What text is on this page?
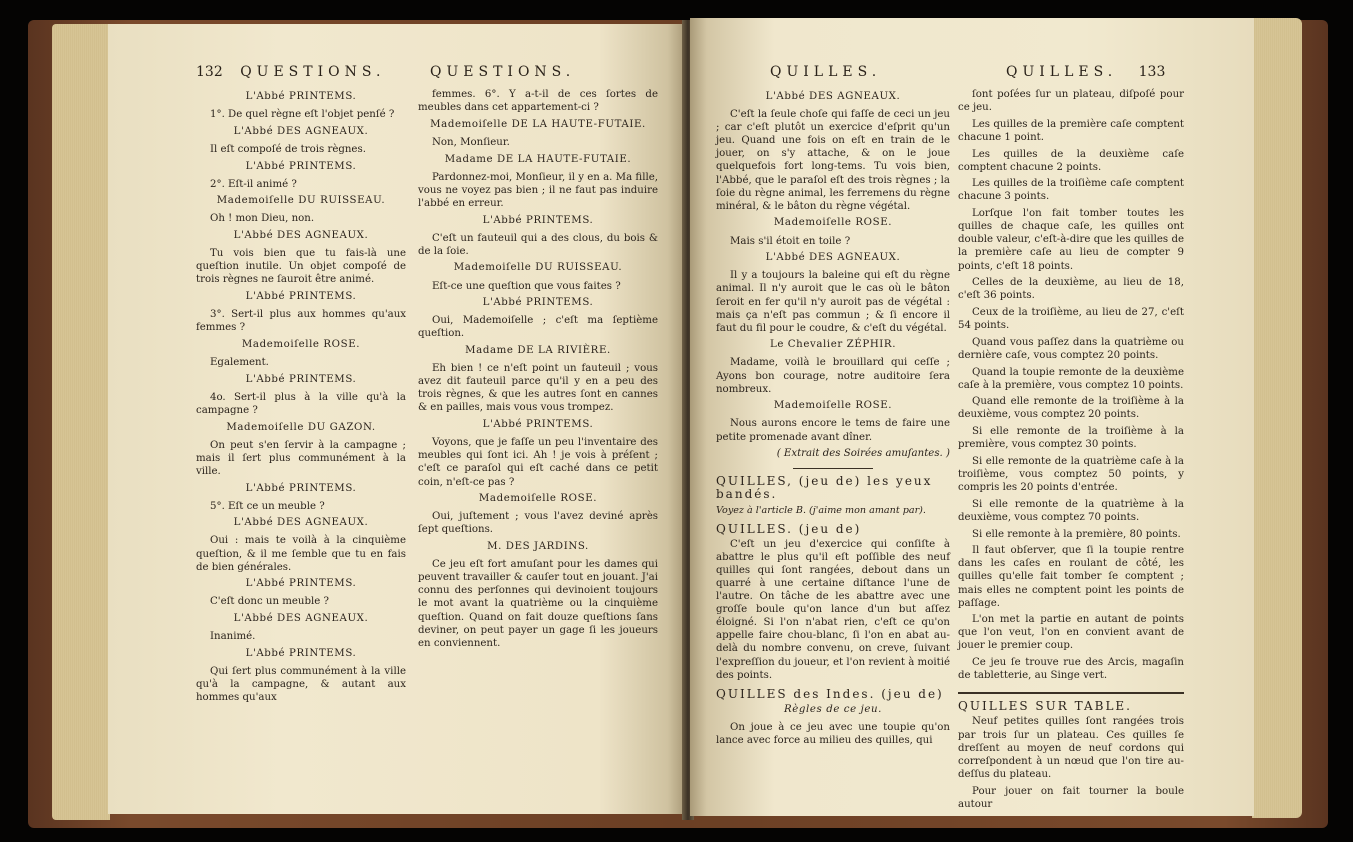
132 QUESTIONS.

L'Abbé PRINTEMS.

1°. De quel règne eſt l'objet penſé ?

L'Abbé DES AGNEAUX.

Il eſt compoſé de trois règnes.

L'Abbé PRINTEMS.

2°. Eſt-il animé ?

Mademoiſelle DU RUISSEAU.

Oh ! mon Dieu, non.

L'Abbé DES AGNEAUX.

Tu vois bien que tu fais-là une queſtion inutile. Un objet compoſé de trois règnes ne ſauroit être animé.

L'Abbé PRINTEMS.

3°. Sert-il plus aux hommes qu'aux femmes ?

Mademoiſelle ROSE.

Egalement.

L'Abbé PRINTEMS.

4o. Sert-il plus à la ville qu'à la campagne ?

Mademoiſelle DU GAZON.

On peut s'en ſervir à la campagne ; mais il ſert plus communément à la ville.

L'Abbé PRINTEMS.

5°. Eſt ce un meuble ?

L'Abbé DES AGNEAUX.

Oui : mais te voilà à la cinquième queſtion, & il me ſemble que tu en fais de bien générales.

L'Abbé PRINTEMS.

C'eſt donc un meuble ?

L'Abbé DES AGNEAUX.

Inanimé.

L'Abbé PRINTEMS.

Qui ſert plus communément à la ville qu'à la campagne, & autant aux hommes qu'aux

QUESTIONS.

femmes. 6°. Y a-t-il de ces ſortes de meubles dans cet appartement-ci ?

Mademoiſelle DE LA HAUTE-FUTAIE.

Non, Monſieur.

Madame DE LA HAUTE-FUTAIE.

Pardonnez-moi, Monſieur, il y en a. Ma fille, vous ne voyez pas bien ; il ne faut pas induire l'abbé en erreur.

L'Abbé PRINTEMS.

C'eſt un fauteuil qui a des clous, du bois & de la ſoie.

Mademoiſelle DU RUISSEAU.

Eſt-ce une queſtion que vous faites ?

L'Abbé PRINTEMS.

Oui, Mademoiſelle ; c'eſt ma ſeptième queſtion.

Madame DE LA RIVIÈRE.

Eh bien ! ce n'eſt point un fauteuil ; vous avez dit fauteuil parce qu'il y en a peu des trois règnes, & que les autres ſont en cannes & en pailles, mais vous vous trompez.

L'Abbé PRINTEMS.

Voyons, que je faſſe un peu l'inventaire des meubles qui ſont ici. Ah ! je vois à préſent ; c'eſt ce paraſol qui eſt caché dans ce petit coin, n'eſt-ce pas ?

Mademoiſelle ROSE.

Oui, juſtement ; vous l'avez deviné après ſept queſtions.

M. DES JARDINS.

Ce jeu eſt fort amuſant pour les dames qui peuvent travailler & cauſer tout en jouant. J'ai connu des perſonnes qui devinoient toujours le mot avant la quatrième ou la cinquième queſtion. Quand on fait douze queſtions ſans deviner, on peut payer un gage ſi les joueurs en conviennent.

QUILLES.

L'Abbé DES AGNEAUX.

C'eſt la ſeule choſe qui faſſe de ceci un jeu ; car c'eſt plutôt un exercice d'eſprit qu'un jeu. Quand une fois on eſt en train de le jouer, on s'y attache, & on le joue quelquefois fort long-tems. Tu vois bien, l'Abbé, que le paraſol eſt des trois règnes ; la ſoie du règne animal, les ferremens du règne minéral, & le bâton du règne végétal.

Mademoiſelle ROSE.

Mais s'il étoit en toile ?

L'Abbé DES AGNEAUX.

Il y a toujours la baleine qui eſt du règne animal. Il n'y auroit que le cas où le bâton ſeroit en fer qu'il n'y auroit pas de végétal : mais ça n'eſt pas commun ; & ſi encore il faut du fil pour le coudre, & c'eſt du végétal.

Le Chevalier ZÉPHIR.

Madame, voilà le brouillard qui ceſſe ; Ayons bon courage, notre auditoire ſera nombreux.

Mademoiſelle ROSE.

Nous aurons encore le tems de faire une petite promenade avant dîner.

( Extrait des Soirées amuſantes. )

QUILLES, (jeu de) les yeux bandés.

Voyez à l'article B. (j'aime mon amant par).

QUILLES. (jeu de)

C'eſt un jeu d'exercice qui conſiſte à abattre le plus qu'il eſt poſſible des neuf quilles qui ſont rangées, debout dans un quarré à une certaine diſtance l'une de l'autre. On tâche de les abattre avec une groſſe boule qu'on lance d'un but aſſez éloigné. Si l'on n'abat rien, c'eſt ce qu'on appelle faire chou-blanc, ſi l'on en abat au-delà du nombre convenu, on creve, ſuivant l'expreſſion du joueur, et l'on revient à moitié des points.

QUILLES des Indes. (jeu de)

Règles de ce jeu.

On joue à ce jeu avec une toupie qu'on lance avec force au milieu des quilles, qui

QUILLES. 133

ſont poſées ſur un plateau, diſpoſé pour ce jeu.

Les quilles de la première caſe comptent chacune 1 point.

Les quilles de la deuxième caſe comptent chacune 2 points.

Les quilles de la troiſième caſe comptent chacune 3 points.

Lorſque l'on fait tomber toutes les quilles de chaque caſe, les quilles ont double valeur, c'eſt-à-dire que les quilles de la première caſe au lieu de compter 9 points, c'eſt 18 points.

Celles de la deuxième, au lieu de 18, c'eſt 36 points.

Ceux de la troiſième, au lieu de 27, c'eſt 54 points.

Quand vous paſſez dans la quatrième ou dernière caſe, vous comptez 20 points.

Quand la toupie remonte de la deuxième caſe à la première, vous comptez 10 points.

Quand elle remonte de la troiſième à la deuxième, vous comptez 20 points.

Si elle remonte de la troiſième à la première, vous comptez 30 points.

Si elle remonte de la quatrième caſe à la troiſième, vous comptez 50 points, y compris les 20 points d'entrée.

Si elle remonte de la quatrième à la deuxième, vous comptez 70 points.

Si elle remonte à la première, 80 points.

Il faut obſerver, que ſi la toupie rentre dans les caſes en roulant de côté, les quilles qu'elle fait tomber ſe comptent ; mais elles ne comptent point les points de paſſage.

L'on met la partie en autant de points que l'on veut, l'on en convient avant de jouer le premier coup.

Ce jeu ſe trouve rue des Arcis, magaſin de tabletterie, au Singe vert.

QUILLES SUR TABLE.

Neuf petites quilles ſont rangées trois par trois ſur un plateau. Ces quilles ſe dreſſent au moyen de neuf cordons qui correſpondent à un nœud que l'on tire au-deſſus du plateau.

Pour jouer on fait tourner la boule autour
